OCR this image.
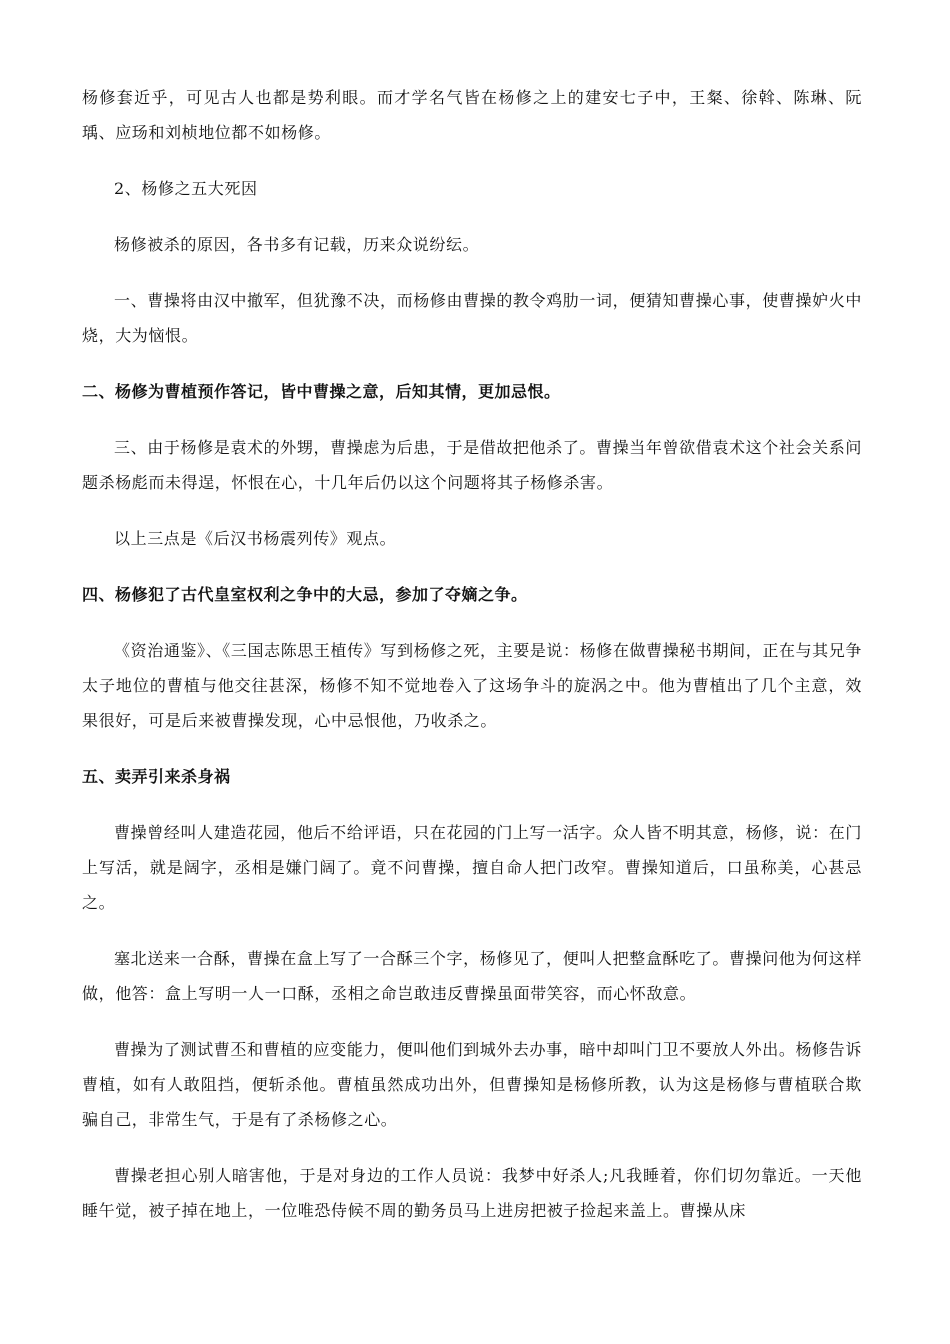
杨修套近乎，可见古人也都是势利眼。而才学名气皆在杨修之上的建安七子中，王粲、徐斡、陈琳、阮瑀、应玚和刘桢地位都不如杨修。

2、杨修之五大死因

杨修被杀的原因，各书多有记载，历来众说纷纭。

一、曹操将由汉中撤军，但犹豫不决，而杨修由曹操的教令鸡肋一词，便猜知曹操心事，使曹操妒火中烧，大为恼恨。

二、杨修为曹植预作答记，皆中曹操之意，后知其情，更加忌恨。

三、由于杨修是袁术的外甥，曹操虑为后患，于是借故把他杀了。曹操当年曾欲借袁术这个社会关系问题杀杨彪而未得逞，怀恨在心，十几年后仍以这个问题将其子杨修杀害。

以上三点是《后汉书杨震列传》观点。

四、杨修犯了古代皇室权利之争中的大忌，参加了夺嫡之争。

《资治通鉴》、《三国志陈思王植传》写到杨修之死，主要是说：杨修在做曹操秘书期间，正在与其兄争太子地位的曹植与他交往甚深，杨修不知不觉地卷入了这场争斗的旋涡之中。他为曹植出了几个主意，效果很好，可是后来被曹操发现，心中忌恨他，乃收杀之。

五、卖弄引来杀身祸

曹操曾经叫人建造花园，他后不给评语，只在花园的门上写一活字。众人皆不明其意，杨修，说：在门上写活，就是阔字，丞相是嫌门阔了。竟不问曹操，擅自命人把门改窄。曹操知道后，口虽称美，心甚忌之。

塞北送来一合酥，曹操在盒上写了一合酥三个字，杨修见了，便叫人把整盒酥吃了。曹操问他为何这样做，他答：盒上写明一人一口酥，丞相之命岂敢违反曹操虽面带笑容，而心怀敌意。

曹操为了测试曹丕和曹植的应变能力，便叫他们到城外去办事，暗中却叫门卫不要放人外出。杨修告诉曹植，如有人敢阻挡，便斩杀他。曹植虽然成功出外，但曹操知是杨修所教，认为这是杨修与曹植联合欺骗自己，非常生气，于是有了杀杨修之心。

曹操老担心别人暗害他，于是对身边的工作人员说：我梦中好杀人;凡我睡着，你们切勿靠近。一天他睡午觉，被子掉在地上，一位唯恐侍候不周的勤务员马上进房把被子捡起来盖上。曹操从床
